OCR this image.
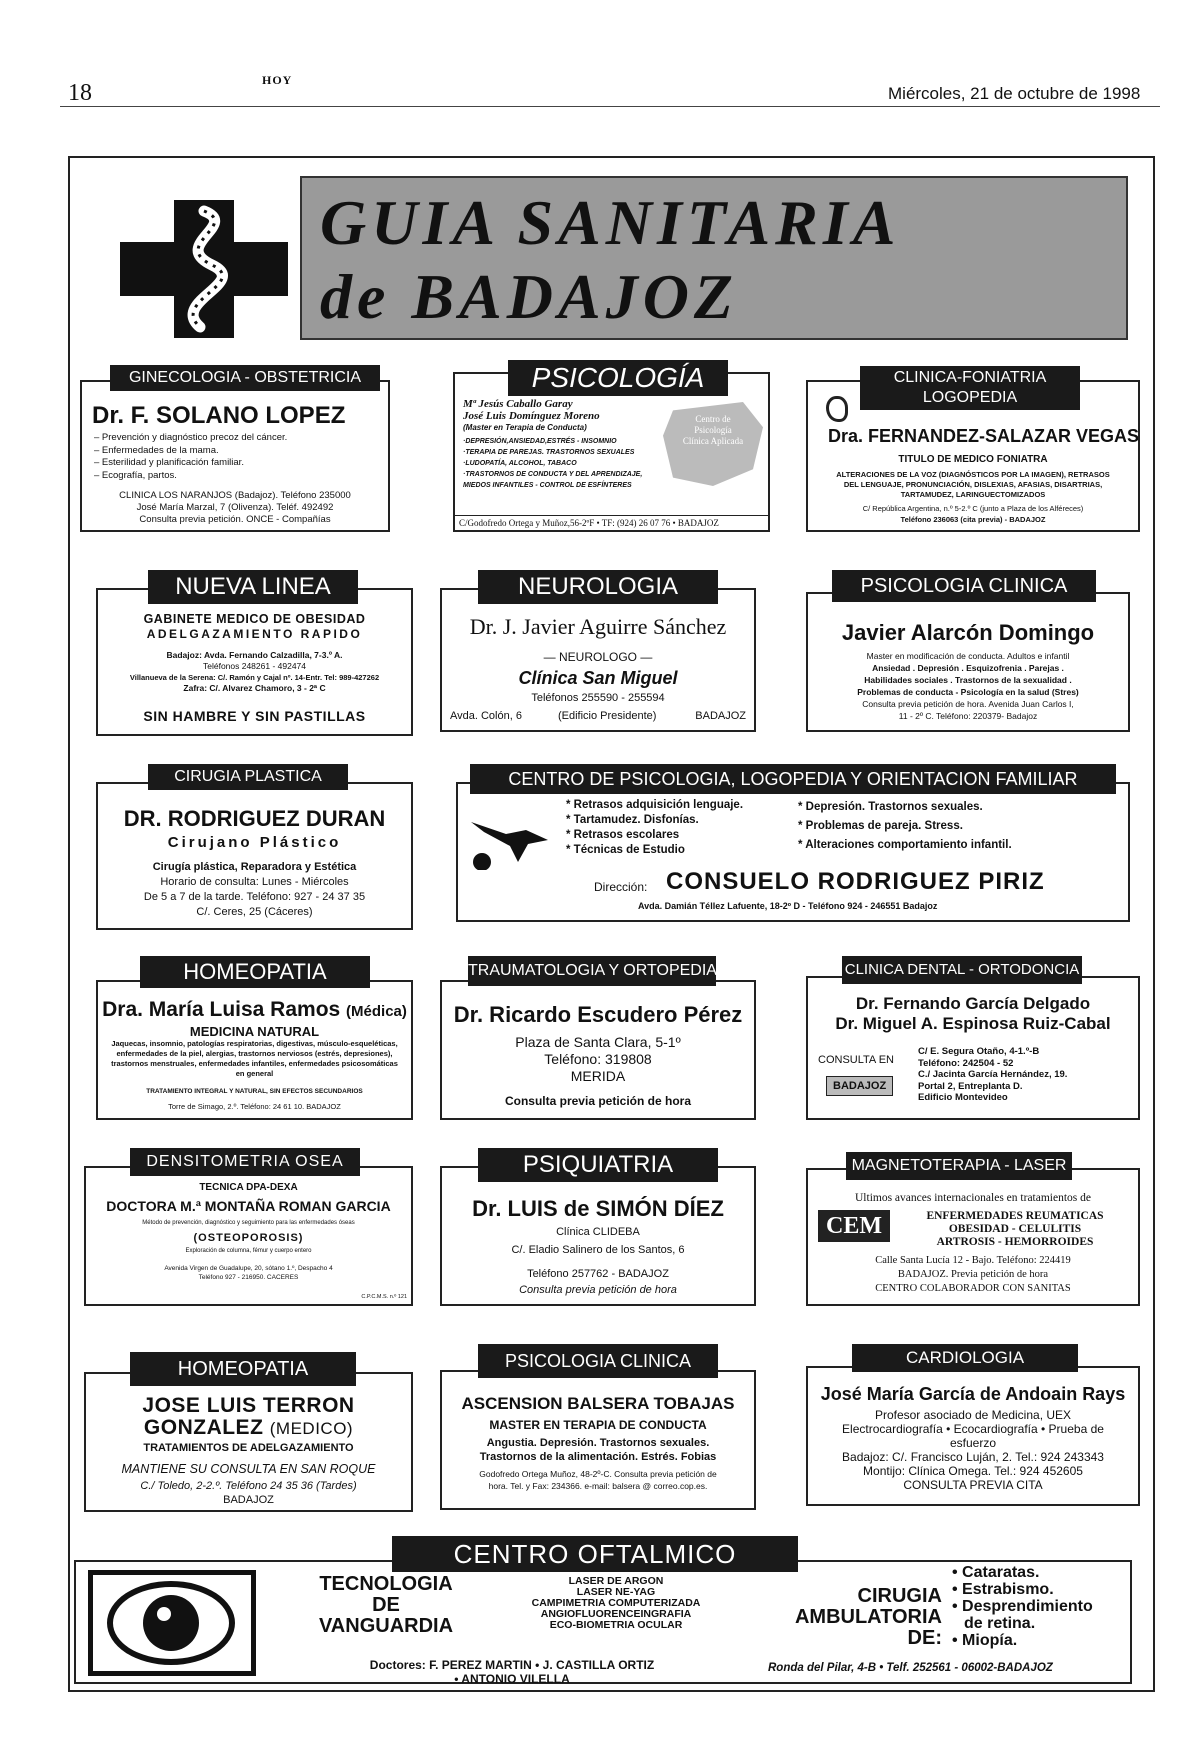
18	HOY
Miércoles, 21 de octubre de 1998
GUIA SANITARIA
de BADAJOZ
Dr. F. SOLANO LOPEZ
– Prevención y diagnóstico precoz del cáncer.
– Enfermedades de la mama.
– Esterilidad y planificación familiar.
– Ecografía, partos.
CLINICA LOS NARANJOS (Badajoz). Teléfono 235000
José María Marzal, 7 (Olivenza). Teléf. 492492
Consulta previa petición. ONCE - Compañías
GINECOLOGIA - OBSTETRICIA
Mª Jesús Caballo Garay
José Luis Domínguez Moreno
(Master en Terapia de Conducta)
·DEPRESIÓN,ANSIEDAD,ESTRÉS - INSOMNIO
·TERAPIA DE PAREJAS. TRASTORNOS SEXUALES
·LUDOPATÍA, ALCOHOL, TABACO
·TRASTORNOS DE CONDUCTA Y DEL APRENDIZAJE,
MIEDOS INFANTILES - CONTROL DE ESFÍNTERES
Centro de Psicología Clínica Aplicada
C/Godofredo Ortega y Muñoz,56-2ºF • TF: (924) 26 07 76 • BADAJOZ
PSICOLOGÍA
Dra. FERNANDEZ-SALAZAR VEGAS
TITULO DE MEDICO FONIATRA
ALTERACIONES DE LA VOZ (DIAGNÓSTICOS POR LA IMAGEN), RETRASOS DEL LENGUAJE, PRONUNCIACIÓN, DISLEXIAS, AFASIAS, DISARTRIAS, TARTAMUDEZ, LARINGUECTOMIZADOS
C/ República Argentina, n.º 5-2.º C (junto a Plaza de los Alféreces)
Teléfono 236063 (cita previa) - BADAJOZ
CLINICA-FONIATRIA
LOGOPEDIA
GABINETE MEDICO DE OBESIDAD
ADELGAZAMIENTO RAPIDO
Badajoz: Avda. Fernando Calzadilla, 7-3.º A.
Teléfonos 248261 - 492474
Villanueva de la Serena: C/. Ramón y Cajal nº. 14-Entr. Tel: 989-427262
Zafra: C/. Alvarez Chamoro, 3 - 2ª C
SIN HAMBRE Y SIN PASTILLAS
NUEVA LINEA
Dr. J. Javier Aguirre Sánchez
— NEUROLOGO —
Clínica San Miguel
Teléfonos 255590 - 255594
Avda. Colón, 6	(Edificio Presidente)	BADAJOZ
NEUROLOGIA
Javier Alarcón Domingo
Master en modificación de conducta. Adultos e infantil
Ansiedad . Depresión . Esquizofrenia . Parejas .
Habilidades sociales . Trastornos de la sexualidad .
Problemas de conducta - Psicología en la salud (Stres)
Consulta previa petición de hora. Avenida Juan Carlos I,
11 - 2º C. Teléfono: 220379- Badajoz
PSICOLOGIA CLINICA
DR. RODRIGUEZ DURAN
Cirujano Plástico
Cirugía plástica, Reparadora y Estética
Horario de consulta: Lunes - Miércoles
De 5 a 7 de la tarde. Teléfono: 927 - 24 37 35
C/. Ceres, 25 (Cáceres)
CIRUGIA PLASTICA
* Retrasos adquisición lenguaje.
* Tartamudez. Disfonías.
* Retrasos escolares
* Técnicas de Estudio
* Depresión. Trastornos sexuales.
* Problemas de pareja. Stress.
* Alteraciones comportamiento infantil.
Dirección: CONSUELO RODRIGUEZ PIRIZ
Avda. Damián Téllez Lafuente, 18-2º D - Teléfono 924 - 246551 Badajoz
CENTRO DE PSICOLOGIA, LOGOPEDIA Y ORIENTACION FAMILIAR
Dra. María Luisa Ramos (Médica)
MEDICINA NATURAL
Jaquecas, insomnio, patologías respiratorias, digestivas, músculo-esqueléticas, enfermedades de la piel, alergias, trastornos nerviosos (estrés, depresiones), trastornos menstruales, enfermedades infantiles, enfermedades psicosomáticas en general
TRATAMIENTO INTEGRAL Y NATURAL, SIN EFECTOS SECUNDARIOS
Torre de Simago, 2.º. Teléfono: 24 61 10. BADAJOZ
HOMEOPATIA
Dr. Ricardo Escudero Pérez
Plaza de Santa Clara, 5-1º
Teléfono: 319808
MERIDA
Consulta previa petición de hora
TRAUMATOLOGIA Y ORTOPEDIA
Dr. Fernando García Delgado
Dr. Miguel A. Espinosa Ruiz-Cabal
CONSULTA EN
BADAJOZ
C/ E. Segura Otaño, 4-1.º-B
Teléfono: 242504 - 52
C./ Jacinta García Hernández, 19.
Portal 2, Entreplanta D.
Edificio Montevideo
CLINICA DENTAL - ORTODONCIA
TECNICA DPA-DEXA
DOCTORA M.ª MONTAÑA ROMAN GARCIA
Método de prevención, diagnóstico y seguimiento para las enfermedades óseas
(OSTEOPOROSIS)
Exploración de columna, fémur y cuerpo entero
Avenida Virgen de Guadalupe, 20, sótano 1.º, Despacho 4
Teléfono 927 - 216950. CACERES
C.P.C.M.S. n.º 121
DENSITOMETRIA OSEA
Dr. LUIS de SIMÓN DÍEZ
Clínica CLIDEBA
C/. Eladio Salinero de los Santos, 6
Teléfono 257762 - BADAJOZ
Consulta previa petición de hora
PSIQUIATRIA
Ultimos avances internacionales en tratamientos de
CEM	ENFERMEDADES REUMATICAS
OBESIDAD - CELULITIS
ARTROSIS - HEMORROIDES
Calle Santa Lucía 12 - Bajo. Teléfono: 224419
BADAJOZ. Previa petición de hora
CENTRO COLABORADOR CON SANITAS
MAGNETOTERAPIA - LASER
JOSE LUIS TERRON
GONZALEZ (MEDICO)
TRATAMIENTOS DE ADELGAZAMIENTO
MANTIENE SU CONSULTA EN SAN ROQUE
C./ Toledo, 2-2.º. Teléfono 24 35 36 (Tardes)
BADAJOZ
HOMEOPATIA
ASCENSION BALSERA TOBAJAS
MASTER EN TERAPIA DE CONDUCTA
Angustia. Depresión. Trastornos sexuales.
Trastornos de la alimentación. Estrés. Fobias
Godofredo Ortega Muñoz, 48-2º-C. Consulta previa petición de
hora. Tel. y Fax: 234366. e-mail: balsera @ correo.cop.es.
PSICOLOGIA CLINICA
José María García de Andoain Rays
Profesor asociado de Medicina, UEX
Electrocardiografía • Ecocardiografía • Prueba de
esfuerzo
Badajoz: C/. Francisco Luján, 2. Tel.: 924 243343
Montijo: Clínica Omega. Tel.: 924 452605
CONSULTA PREVIA CITA
CARDIOLOGIA
TECNOLOGIA
DE
VANGUARDIA
LASER DE ARGON
LASER NE-YAG
CAMPIMETRIA COMPUTERIZADA
ANGIOFLUORENCEINGRAFIA
ECO-BIOMETRIA OCULAR
CIRUGIA
AMBULATORIA
DE:
• Cataratas.
• Estrabismo.
• Desprendimiento
de retina.
• Miopía.
Doctores: F. PEREZ MARTIN • J. CASTILLA ORTIZ
• ANTONIO VILELLA
Ronda del Pilar, 4-B • Telf. 252561 - 06002-BADAJOZ
CENTRO OFTALMICO
